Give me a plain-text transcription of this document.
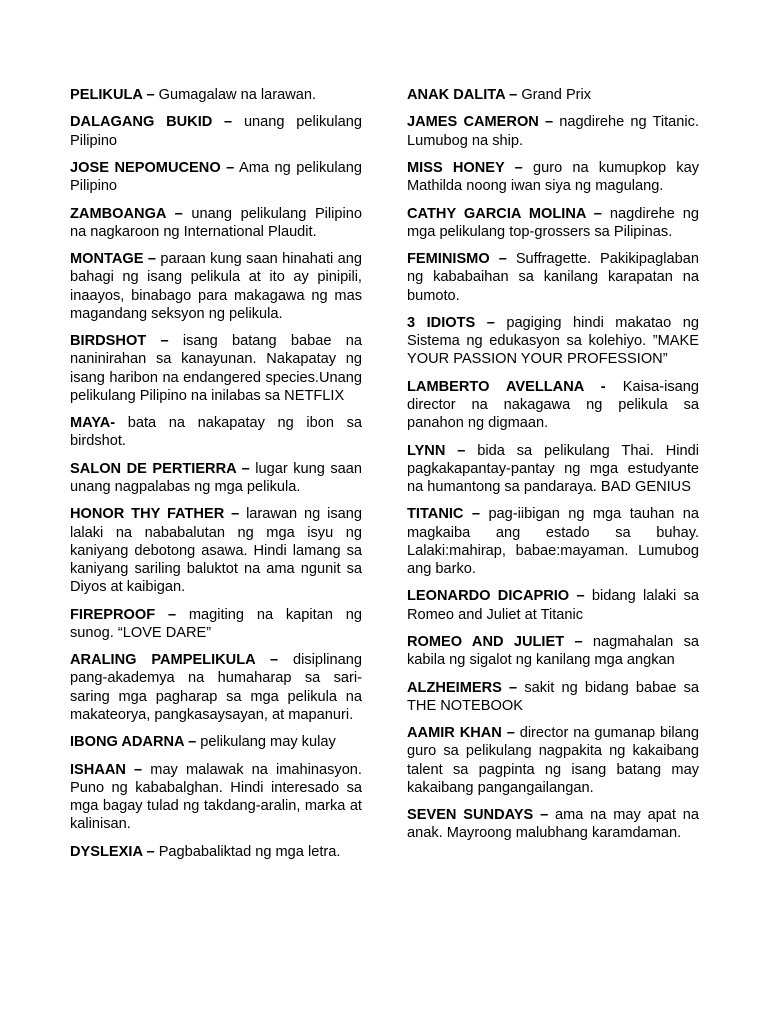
PELIKULA – Gumagalaw na larawan.

DALAGANG BUKID – unang pelikulang Pilipino

JOSE NEPOMUCENO – Ama ng pelikulang Pilipino

ZAMBOANGA – unang pelikulang Pilipino na nagkaroon ng International Plaudit.

MONTAGE – paraan kung saan hinahati ang bahagi ng isang pelikula at ito ay pinipili, inaayos, binabago para makagawa ng mas magandang seksyon ng pelikula.

BIRDSHOT – isang batang babae na naninirahan sa kanayunan. Nakapatay ng isang haribon na endangered species.Unang pelikulang Pilipino na inilabas sa NETFLIX

MAYA- bata na nakapatay ng ibon sa birdshot.

SALON DE PERTIERRA – lugar kung saan unang nagpalabas ng mga pelikula.

HONOR THY FATHER – larawan ng isang lalaki na nababalutan ng mga isyu ng kaniyang debotong asawa. Hindi lamang sa kaniyang sariling baluktot na ama ngunit sa Diyos at kaibigan.

FIREPROOF – magiting na kapitan ng sunog. “LOVE DARE”

ARALING PAMPELIKULA – disiplinang pang-akademya na humaharap sa sari-saring mga pagharap sa mga pelikula na makateorya, pangkasaysayan, at mapanuri.

IBONG ADARNA – pelikulang may kulay

ISHAAN – may malawak na imahinasyon. Puno ng kababalghan. Hindi interesado sa mga bagay tulad ng takdang-aralin, marka at kalinisan.

DYSLEXIA – Pagbabaliktad ng mga letra.

ANAK DALITA – Grand Prix

JAMES CAMERON – nagdirehe ng Titanic. Lumubog na ship.

MISS HONEY – guro na kumupkop kay Mathilda noong iwan siya ng magulang.

CATHY GARCIA MOLINA – nagdirehe ng mga pelikulang top-grossers sa Pilipinas.

FEMINISMO – Suffragette. Pakikipaglaban ng kababaihan sa kanilang karapatan na bumoto.

3 IDIOTS – pagiging hindi makatao ng Sistema ng edukasyon sa kolehiyo. ”MAKE YOUR PASSION YOUR PROFESSION”

LAMBERTO AVELLANA - Kaisa-isang director na nakagawa ng pelikula sa panahon ng digmaan.

LYNN – bida sa pelikulang Thai. Hindi pagkakapantay-pantay ng mga estudyante na humantong sa pandaraya. BAD GENIUS

TITANIC – pag-iibigan ng mga tauhan na magkaiba ang estado sa buhay. Lalaki:mahirap, babae:mayaman. Lumubog ang barko.

LEONARDO DICAPRIO – bidang lalaki sa Romeo and Juliet at Titanic

ROMEO AND JULIET – nagmahalan sa kabila ng sigalot ng kanilang mga angkan

ALZHEIMERS – sakit ng bidang babae sa THE NOTEBOOK

AAMIR KHAN – director na gumanap bilang guro sa pelikulang nagpakita ng kakaibang talent sa pagpinta ng isang batang may kakaibang pangangailangan.

SEVEN SUNDAYS – ama na may apat na anak. Mayroong malubhang karamdaman.
